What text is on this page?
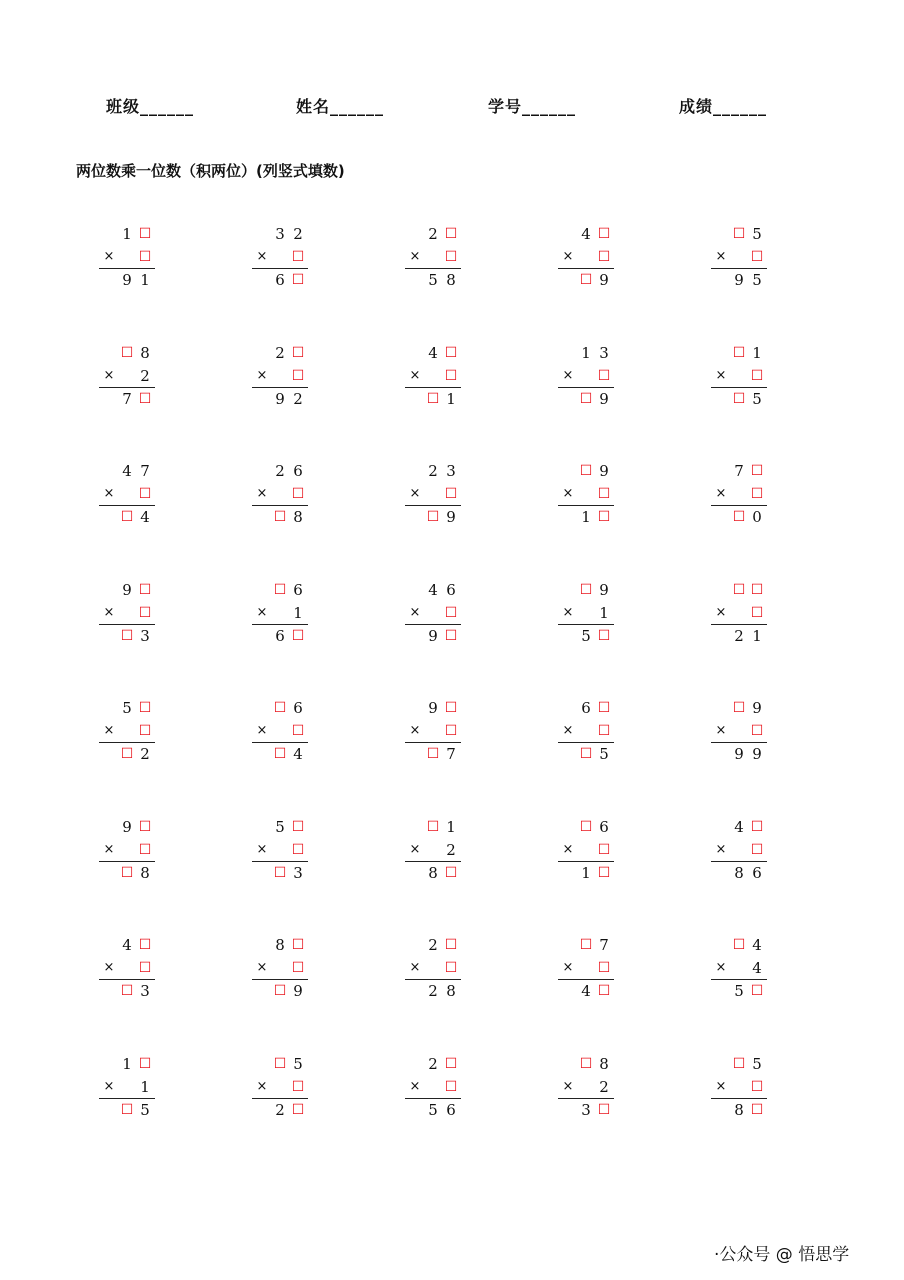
班级______	姓名______	学号______	成绩______
两位数乘一位数（积两位）(列竖式填数)
1 ☐
× ☐
9 1
3 2
× ☐
6 ☐
2 ☐
× ☐
5 8
4 ☐
× ☐
☐ 9
☐ 5
× ☐
9 5
☐ 8
× 2
7 ☐
2 ☐
× ☐
9 2
4 ☐
× ☐
☐ 1
1 3
× ☐
☐ 9
☐ 1
× ☐
☐ 5
4 7
× ☐
☐ 4
2 6
× ☐
☐ 8
2 3
× ☐
☐ 9
☐ 9
× ☐
1 ☐
7 ☐
× ☐
☐ 0
9 ☐
× ☐
☐ 3
☐ 6
× 1
6 ☐
4 6
× ☐
9 ☐
☐ 9
× 1
5 ☐
☐ ☐
× ☐
2 1
5 ☐
× ☐
☐ 2
☐ 6
× ☐
☐ 4
9 ☐
× ☐
☐ 7
6 ☐
× ☐
☐ 5
☐ 9
× ☐
9 9
9 ☐
× ☐
☐ 8
5 ☐
× ☐
☐ 3
☐ 1
× 2
8 ☐
☐ 6
× ☐
1 ☐
4 ☐
× ☐
8 6
4 ☐
× ☐
☐ 3
8 ☐
× ☐
☐ 9
2 ☐
× ☐
2 8
☐ 7
× ☐
4 ☐
☐ 4
× 4
5 ☐
1 ☐
× 1
☐ 5
☐ 5
× ☐
2 ☐
2 ☐
× ☐
5 6
☐ 8
× 2
3 ☐
☐ 5
× ☐
8 ☐
·公众号 @ 悟思学
